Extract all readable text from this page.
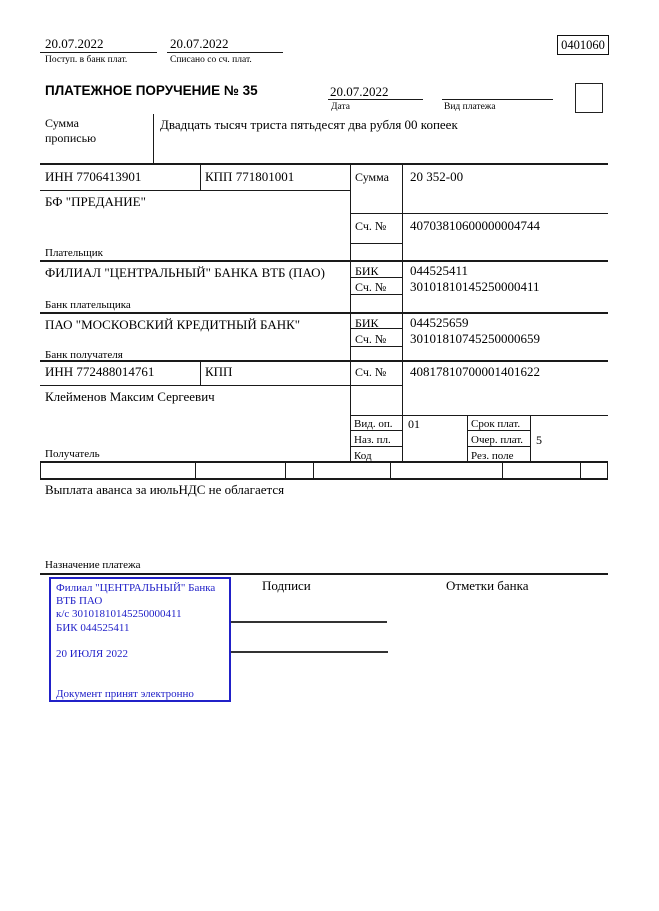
20.07.2022
Поступ. в банк плат.
20.07.2022
Списано со сч. плат.
0401060
ПЛАТЕЖНОЕ ПОРУЧЕНИЕ № 35	20.07.2022
Дата	Вид платежа
Сумма прописью
Двадцать тысяч триста пятьдесят два рубля 00 копеек
ИНН 7706413901	КПП 771801001	Сумма 20 352-00
БФ "ПРЕДАНИЕ"
Плательщик
Сч. № 40703810600000004744
ФИЛИАЛ "ЦЕНТРАЛЬНЫЙ" БАНКА ВТБ (ПАО)
Банк плательщика
БИК 044525411
Сч. № 30101810145250000411
ПАО "МОСКОВСКИЙ КРЕДИТНЫЙ БАНК"
Банк получателя
БИК 044525659
Сч. № 30101810745250000659
ИНН 772488014761	КПП	Сч. № 40817810700001401622
Клейменов Максим Сергеевич
Получатель
Вид. оп. 01	Срок плат.
Наз. пл.	Очер. плат. 5
Код	Рез. поле
Выплата аванса за июльНДС не облагается
Назначение платежа
Подписи	Отметки банка
Филиал "ЦЕНТРАЛЬНЫЙ" Банка
ВТБ ПАО
к/с 30101810145250000411
БИК 044525411
20 ИЮЛЯ 2022
Документ принят электронно
